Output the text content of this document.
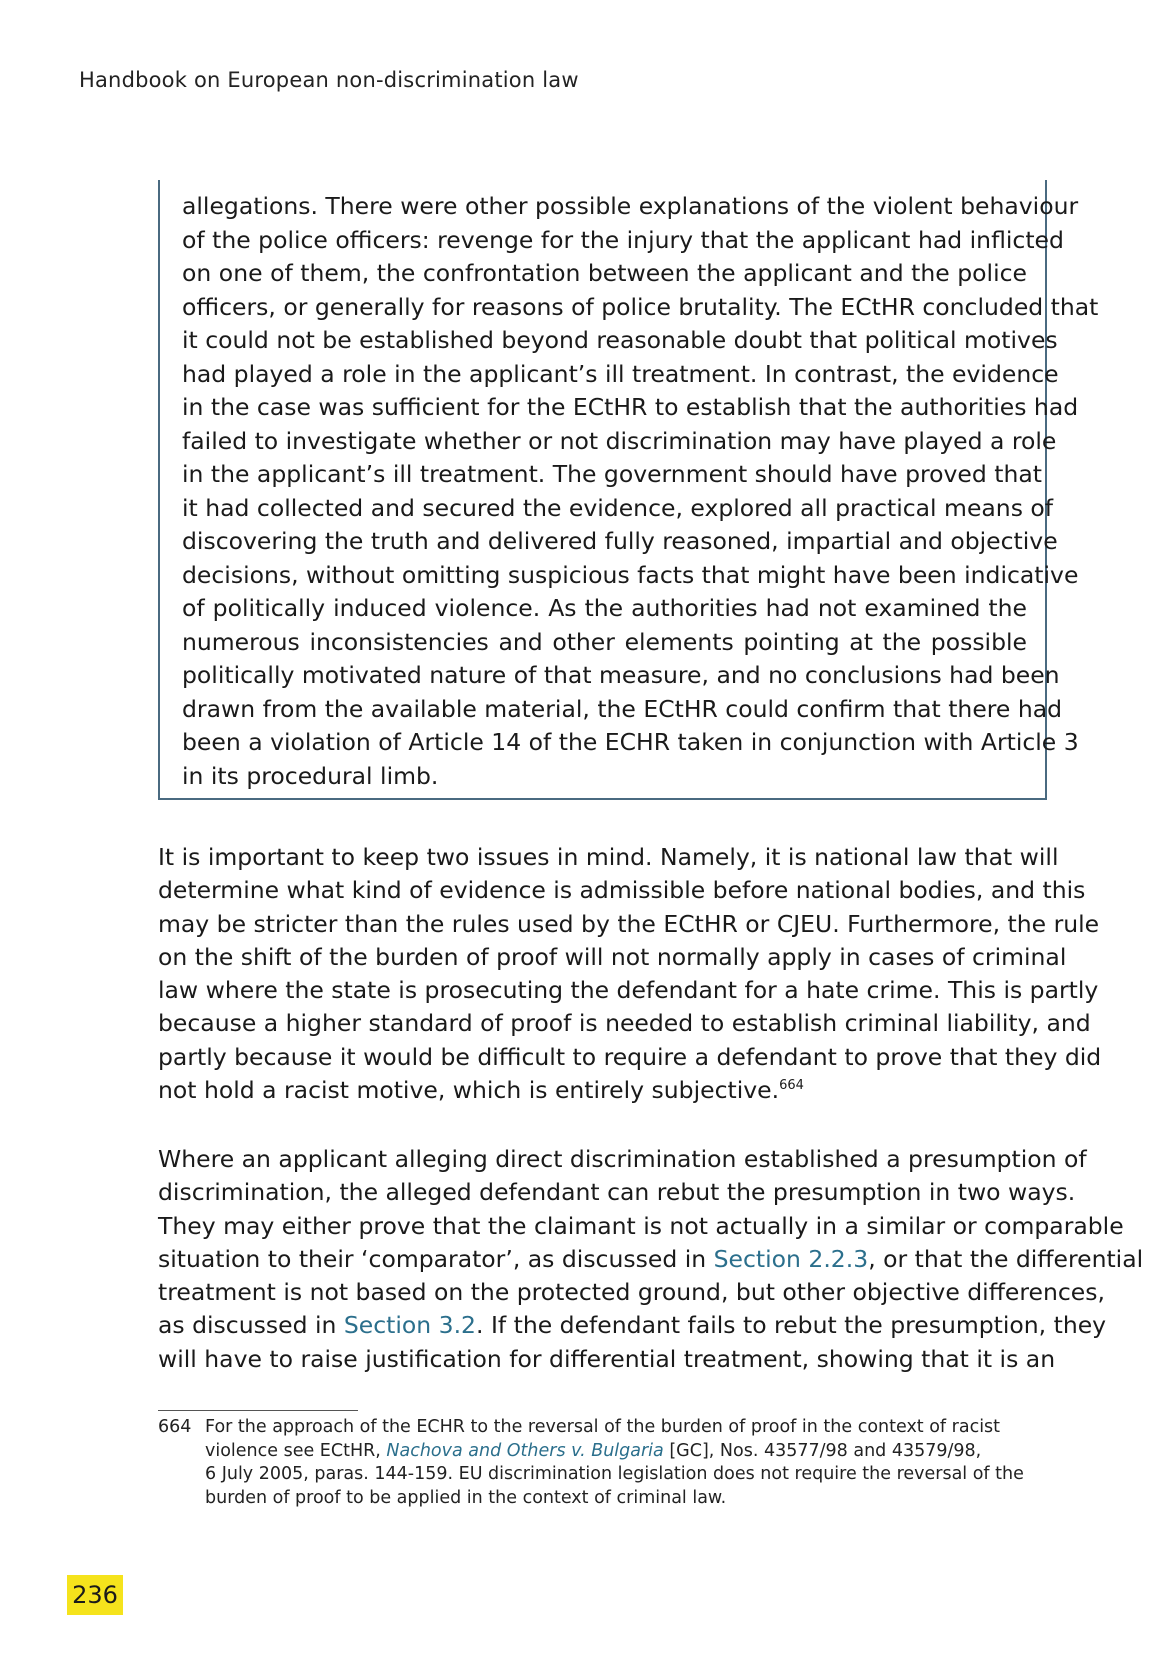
Handbook on European non-discrimination law
allegations. There were other possible explanations of the violent behaviour
of the police officers: revenge for the injury that the applicant had inflicted
on one of them, the confrontation between the applicant and the police
officers, or generally for reasons of police brutality. The ECtHR concluded that
it could not be established beyond reasonable doubt that political motives
had played a role in the applicant’s ill treatment. In contrast, the evidence
in the case was sufficient for the ECtHR to establish that the authorities had
failed to investigate whether or not discrimination may have played a role
in the applicant’s ill treatment. The government should have proved that
it had collected and secured the evidence, explored all practical means of
discovering the truth and delivered fully reasoned, impartial and objective
decisions, without omitting suspicious facts that might have been indicative
of politically induced violence. As the authorities had not examined the
numerous inconsistencies and other elements pointing at the possible
politically motivated nature of that measure, and no conclusions had been
drawn from the available material, the ECtHR could confirm that there had
been a violation of Article 14 of the ECHR taken in conjunction with Article 3
in its procedural limb.
It is important to keep two issues in mind. Namely, it is national law that will
determine what kind of evidence is admissible before national bodies, and this
may be stricter than the rules used by the ECtHR or CJEU. Furthermore, the rule
on the shift of the burden of proof will not normally apply in cases of criminal
law where the state is prosecuting the defendant for a hate crime. This is partly
because a higher standard of proof is needed to establish criminal liability, and
partly because it would be difficult to require a defendant to prove that they did
not hold a racist motive, which is entirely subjective.$^{664}$
Where an applicant alleging direct discrimination established a presumption of
discrimination, the alleged defendant can rebut the presumption in two ways.
They may either prove that the claimant is not actually in a similar or comparable
situation to their ‘comparator’, as discussed in Section 2.2.3, or that the differential
treatment is not based on the protected ground, but other objective differences,
as discussed in Section 3.2. If the defendant fails to rebut the presumption, they
will have to raise justification for differential treatment, showing that it is an
664 For the approach of the ECHR to the reversal of the burden of proof in the context of racist
violence see ECtHR, Nachova and Others v. Bulgaria [GC], Nos. 43577/98 and 43579/98,
6 July 2005, paras. 144-159. EU discrimination legislation does not require the reversal of the
burden of proof to be applied in the context of criminal law.
236
